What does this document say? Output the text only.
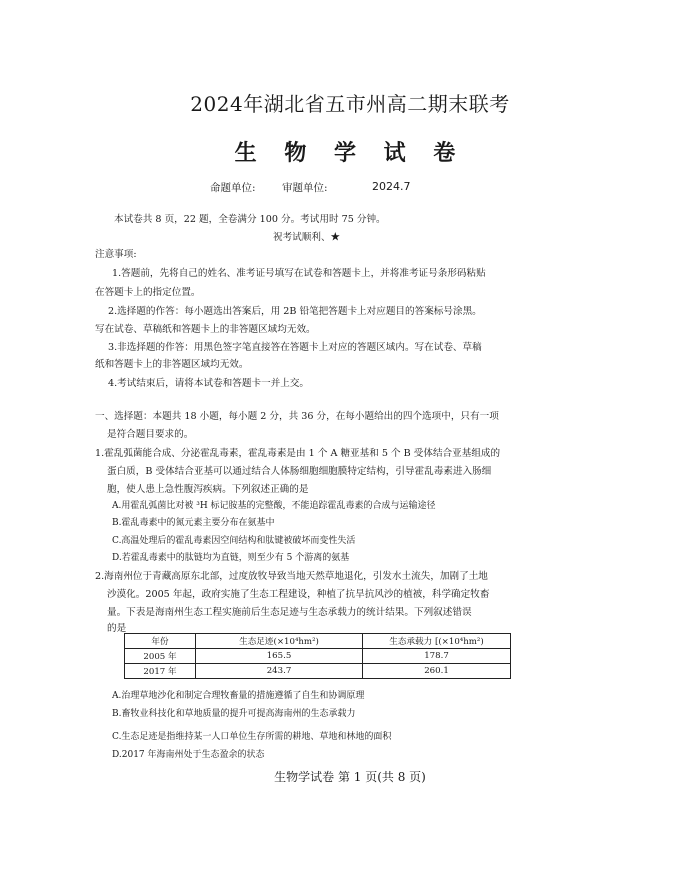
2024年湖北省五市州高二期末联考
生 物 学 试 卷
命题单位:	审题单位:	2024.7
本试卷共 8 页，22 题，全卷满分 100 分。考试用时 75 分钟。
祝考试顺利、★
注意事项:
1.答题前，先将自己的姓名、准考证号填写在试卷和答题卡上，并将准考证号条形码粘贴
在答题卡上的指定位置。
2.选择题的作答：每小题选出答案后，用 2B 铅笔把答题卡上对应题目的答案标号涂黑。
写在试卷、草稿纸和答题卡上的非答题区域均无效。
3.非选择题的作答：用黑色签字笔直接答在答题卡上对应的答题区域内。写在试卷、草稿
纸和答题卡上的非答题区域均无效。
4.考试结束后，请将本试卷和答题卡一并上交。
一、选择题：本题共 18 小题，每小题 2 分，共 36 分，在每小题给出的四个选项中，只有一项
是符合题目要求的。
1.霍乱弧菌能合成、分泌霍乱毒素，霍乱毒素是由 1 个 A 糖亚基和 5 个 B 受体结合亚基组成的
蛋白质，B 受体结合亚基可以通过结合人体肠细胞细胞膜特定结构，引导霍乱毒素进入肠细
胞，使人患上急性腹泻疾病。下列叙述正确的是
A.用霍乱弧菌比对被 ³H 标记胺基的完整酸，不能追踪霍乱毒素的合成与运输途径
B.霍乱毒素中的氮元素主要分布在氨基中
C.高温处理后的霍乱毒素因空间结构和肽键被破坏而变性失活
D.若霍乱毒素中的肽链均为直链，则至少有 5 个游离的氨基
2.海南州位于青藏高原东北部，过度放牧导致当地天然草地退化，引发水土流失，加剧了土地
沙漠化。2005 年起，政府实施了生态工程建设，种植了抗旱抗风沙的植被，科学确定牧畜
量。下表是海南州生态工程实施前后生态足迹与生态承载力的统计结果。下列叙述错误
的是
年份	生态足迹(×10⁴hm²)	生态承载力 [(×10⁴hm²)
2005 年	165.5	178.7
2017 年	243.7	260.1
A.治理草地沙化和制定合理牧畜量的措施遵循了自生和协调原理
B.畜牧业科技化和草地质量的提升可提高海南州的生态承载力
C.生态足迹是指维持某一人口单位生存所需的耕地、草地和林地的面积
D.2017 年海南州处于生态盈余的状态
生物学试卷 第 1 页(共 8 页)
